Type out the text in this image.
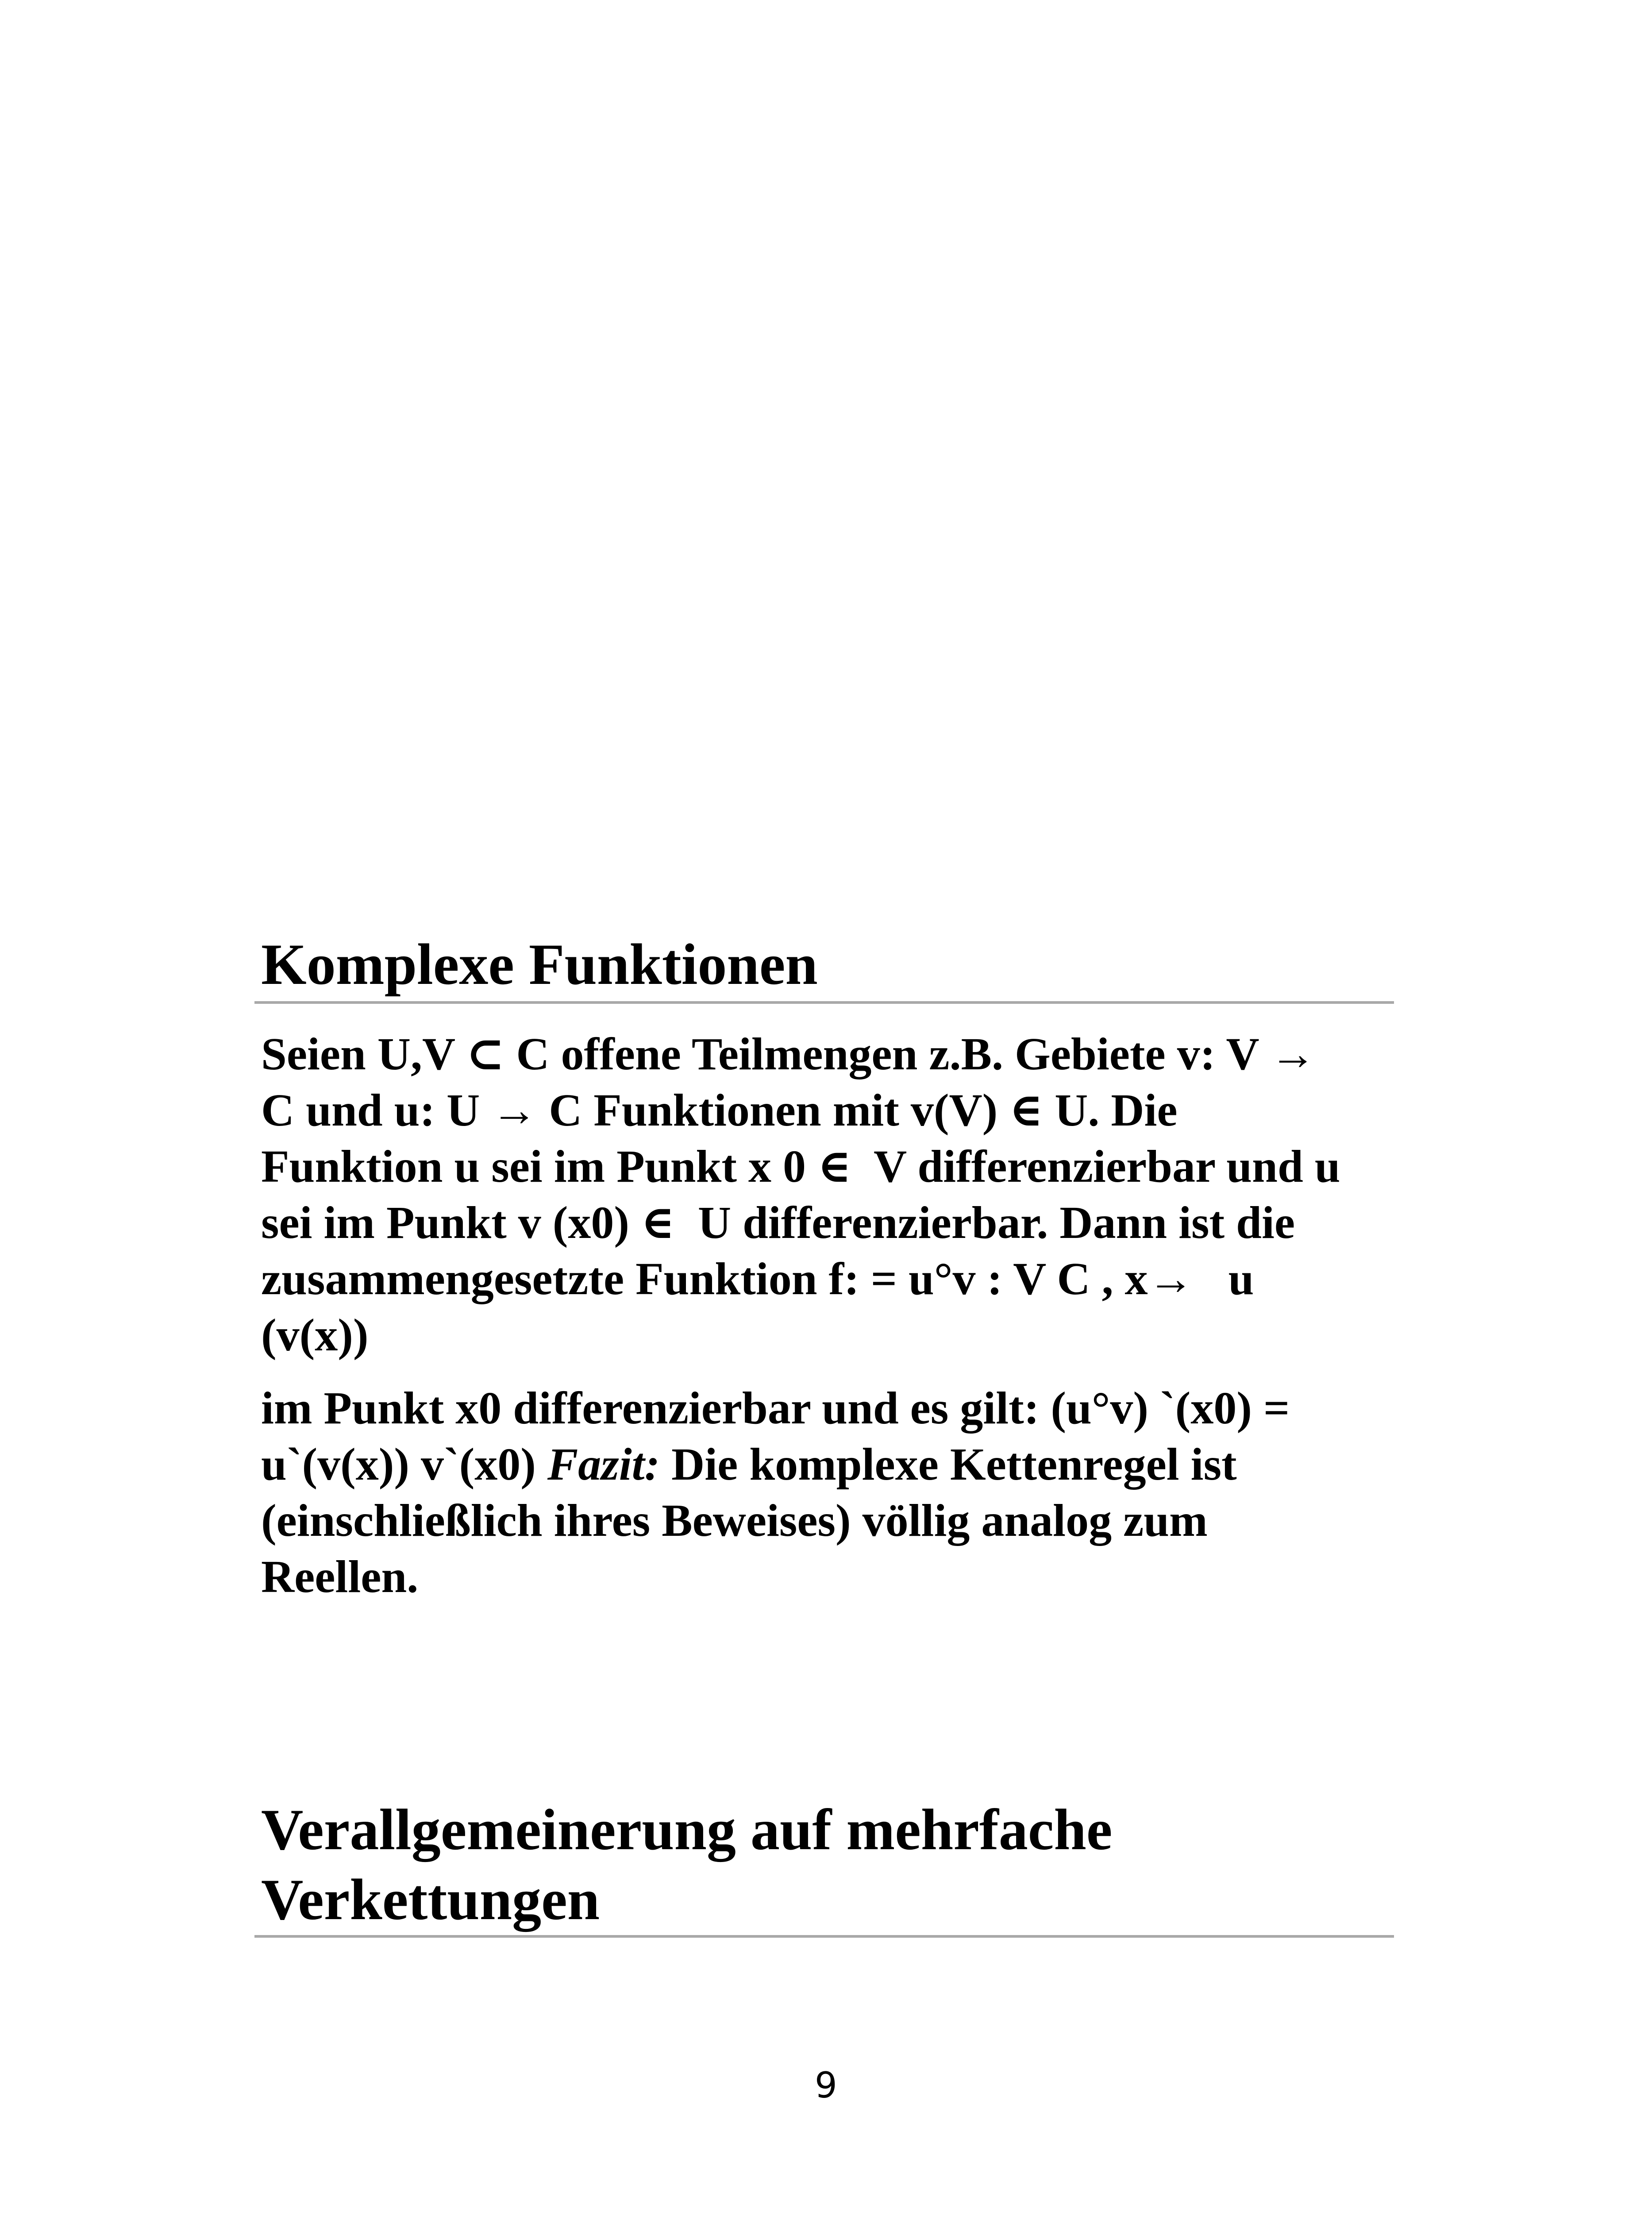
Komplexe Funktionen

Seien U,V ⊂ C offene Teilmengen z.B. Gebiete v: V →

C und u: U → C Funktionen mit v(V) ∈ U. Die

Funktion u sei im Punkt x 0 ∈  V differenzierbar und u

sei im Punkt v (x0) ∈  U differenzierbar. Dann ist die

zusammengesetzte Funktion f: = u°v : V C , x→   u

(v(x))

im Punkt x0 differenzierbar und es gilt: (u°v) `(x0) =

u`(v(x)) v`(x0) Fazit: Die komplexe Kettenregel ist

(einschließlich ihres Beweises) völlig analog zum

Reellen.

Verallgemeinerung auf mehrfache
Verkettungen
9
